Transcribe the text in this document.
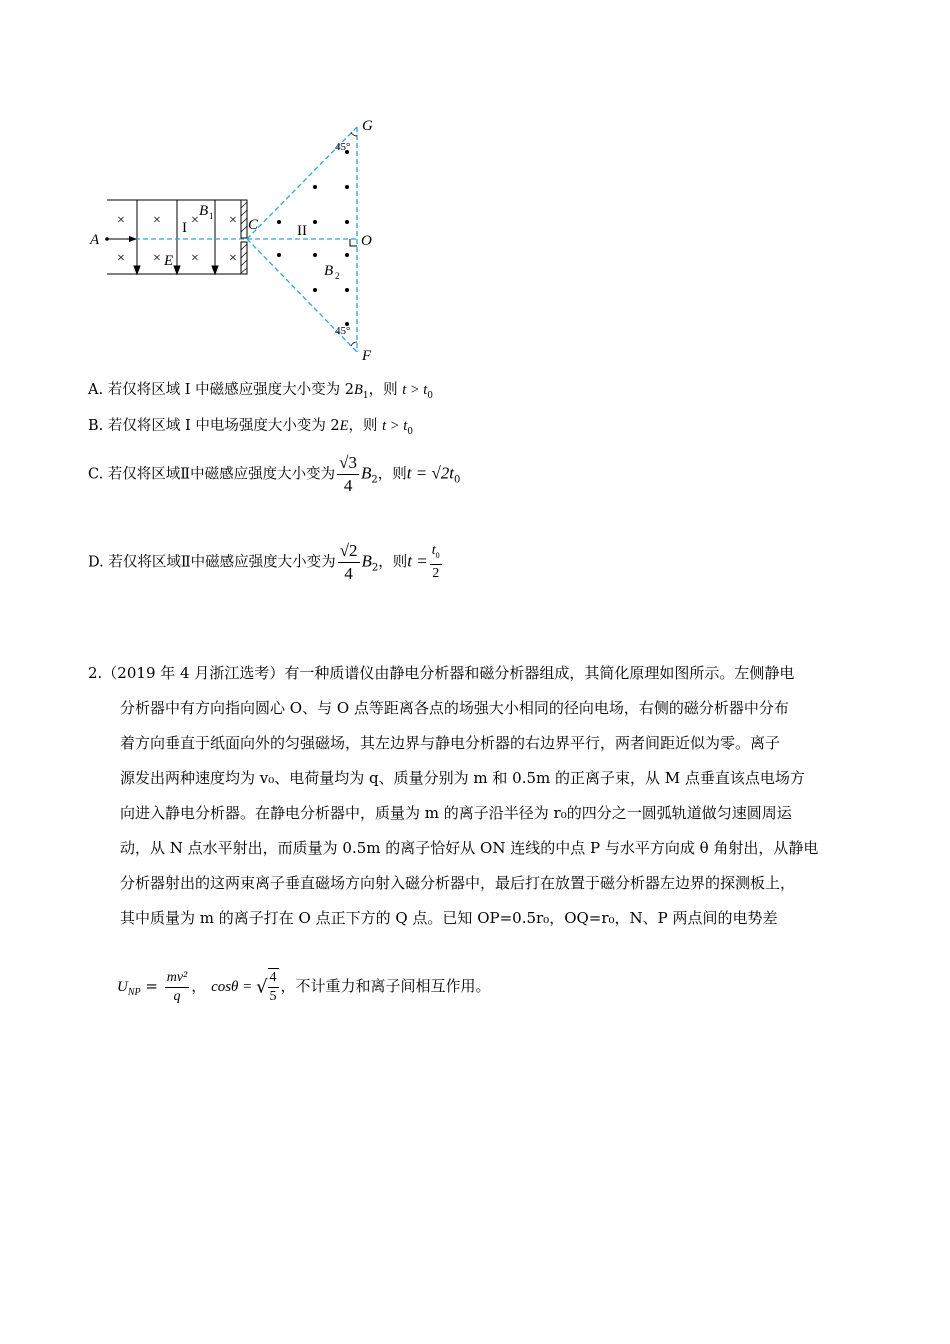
× × × ×
× × × ×
A
C
O
G
F
E
B
B
1
2
I	II
45°
45°
A. 若仅将区域 I 中磁感应强度大小变为 $2B_1$，则 $t > t_0$
B. 若仅将区域 I 中电场强度大小变为 2E，则 $t > t_0$
C. 若仅将区域Ⅱ中磁感应强度大小变为 $\frac{√3}{4} B_2$，则$t = √2t_0$
D. 若仅将区域Ⅱ中磁感应强度大小变为 $\frac{√2}{4} B_2$，则$t = \frac{t_0}{2}$
2.（2019 年 4 月浙江选考）有一种质谱仪由静电分析器和磁分析器组成，其简化原理如图所示。左侧静电
分析器中有方向指向圆心 O、与 O 点等距离各点的场强大小相同的径向电场，右侧的磁分析器中分布
着方向垂直于纸面向外的匀强磁场，其左边界与静电分析器的右边界平行，两者间距近似为零。离子
源发出两种速度均为 v₀、电荷量均为 q、质量分别为 m 和 0.5m 的正离子束，从 M 点垂直该点电场方
向进入静电分析器。在静电分析器中，质量为 m 的离子沿半径为 r₀的四分之一圆弧轨道做匀速圆周运
动，从 N 点水平射出，而质量为 0.5m 的离子恰好从 ON 连线的中点 P 与水平方向成 θ 角射出，从静电
分析器射出的这两束离子垂直磁场方向射入磁分析器中，最后打在放置于磁分析器左边界的探测板上，
其中质量为 m 的离子打在 O 点正下方的 Q 点。已知 OP=0.5r₀，OQ=r₀，N、P 两点间的电势差
$U_{NP} = \frac{\text{mv²}}{q}$ ， cosθ = √ $\frac{4}{5}$ ，不计重力和离子间相互作用。
